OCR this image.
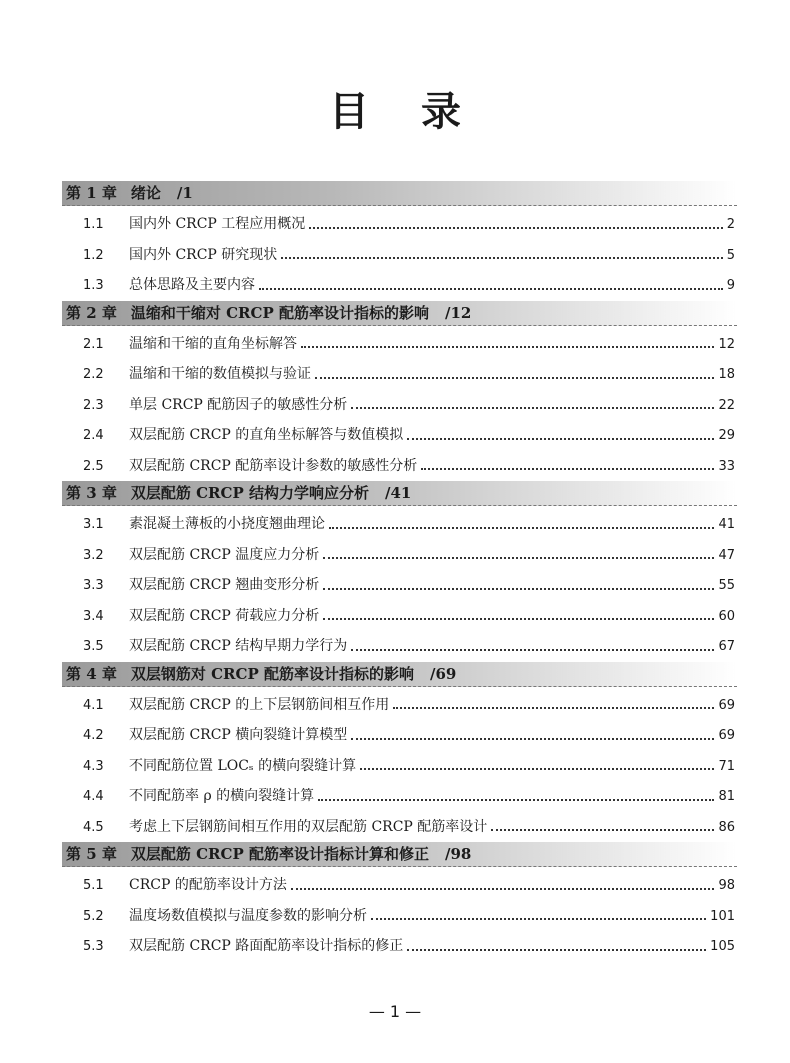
目录
第 1 章 绪论 /1
1.1	国内外 CRCP 工程应用概况	2
1.2	国内外 CRCP 研究现状	5
1.3	总体思路及主要内容	9
第 2 章 温缩和干缩对 CRCP 配筋率设计指标的影响 /12
2.1	温缩和干缩的直角坐标解答	12
2.2	温缩和干缩的数值模拟与验证	18
2.3	单层 CRCP 配筋因子的敏感性分析	22
2.4	双层配筋 CRCP 的直角坐标解答与数值模拟	29
2.5	双层配筋 CRCP 配筋率设计参数的敏感性分析	33
第 3 章 双层配筋 CRCP 结构力学响应分析 /41
3.1	素混凝土薄板的小挠度翘曲理论	41
3.2	双层配筋 CRCP 温度应力分析	47
3.3	双层配筋 CRCP 翘曲变形分析	55
3.4	双层配筋 CRCP 荷载应力分析	60
3.5	双层配筋 CRCP 结构早期力学行为	67
第 4 章 双层钢筋对 CRCP 配筋率设计指标的影响 /69
4.1	双层配筋 CRCP 的上下层钢筋间相互作用	69
4.2	双层配筋 CRCP 横向裂缝计算模型	69
4.3	不同配筋位置 LOCₛ 的横向裂缝计算	71
4.4	不同配筋率 ρ 的横向裂缝计算	81
4.5	考虑上下层钢筋间相互作用的双层配筋 CRCP 配筋率设计	86
第 5 章 双层配筋 CRCP 配筋率设计指标计算和修正 /98
5.1	CRCP 的配筋率设计方法	98
5.2	温度场数值模拟与温度参数的影响分析	101
5.3	双层配筋 CRCP 路面配筋率设计指标的修正	105
— 1 —
